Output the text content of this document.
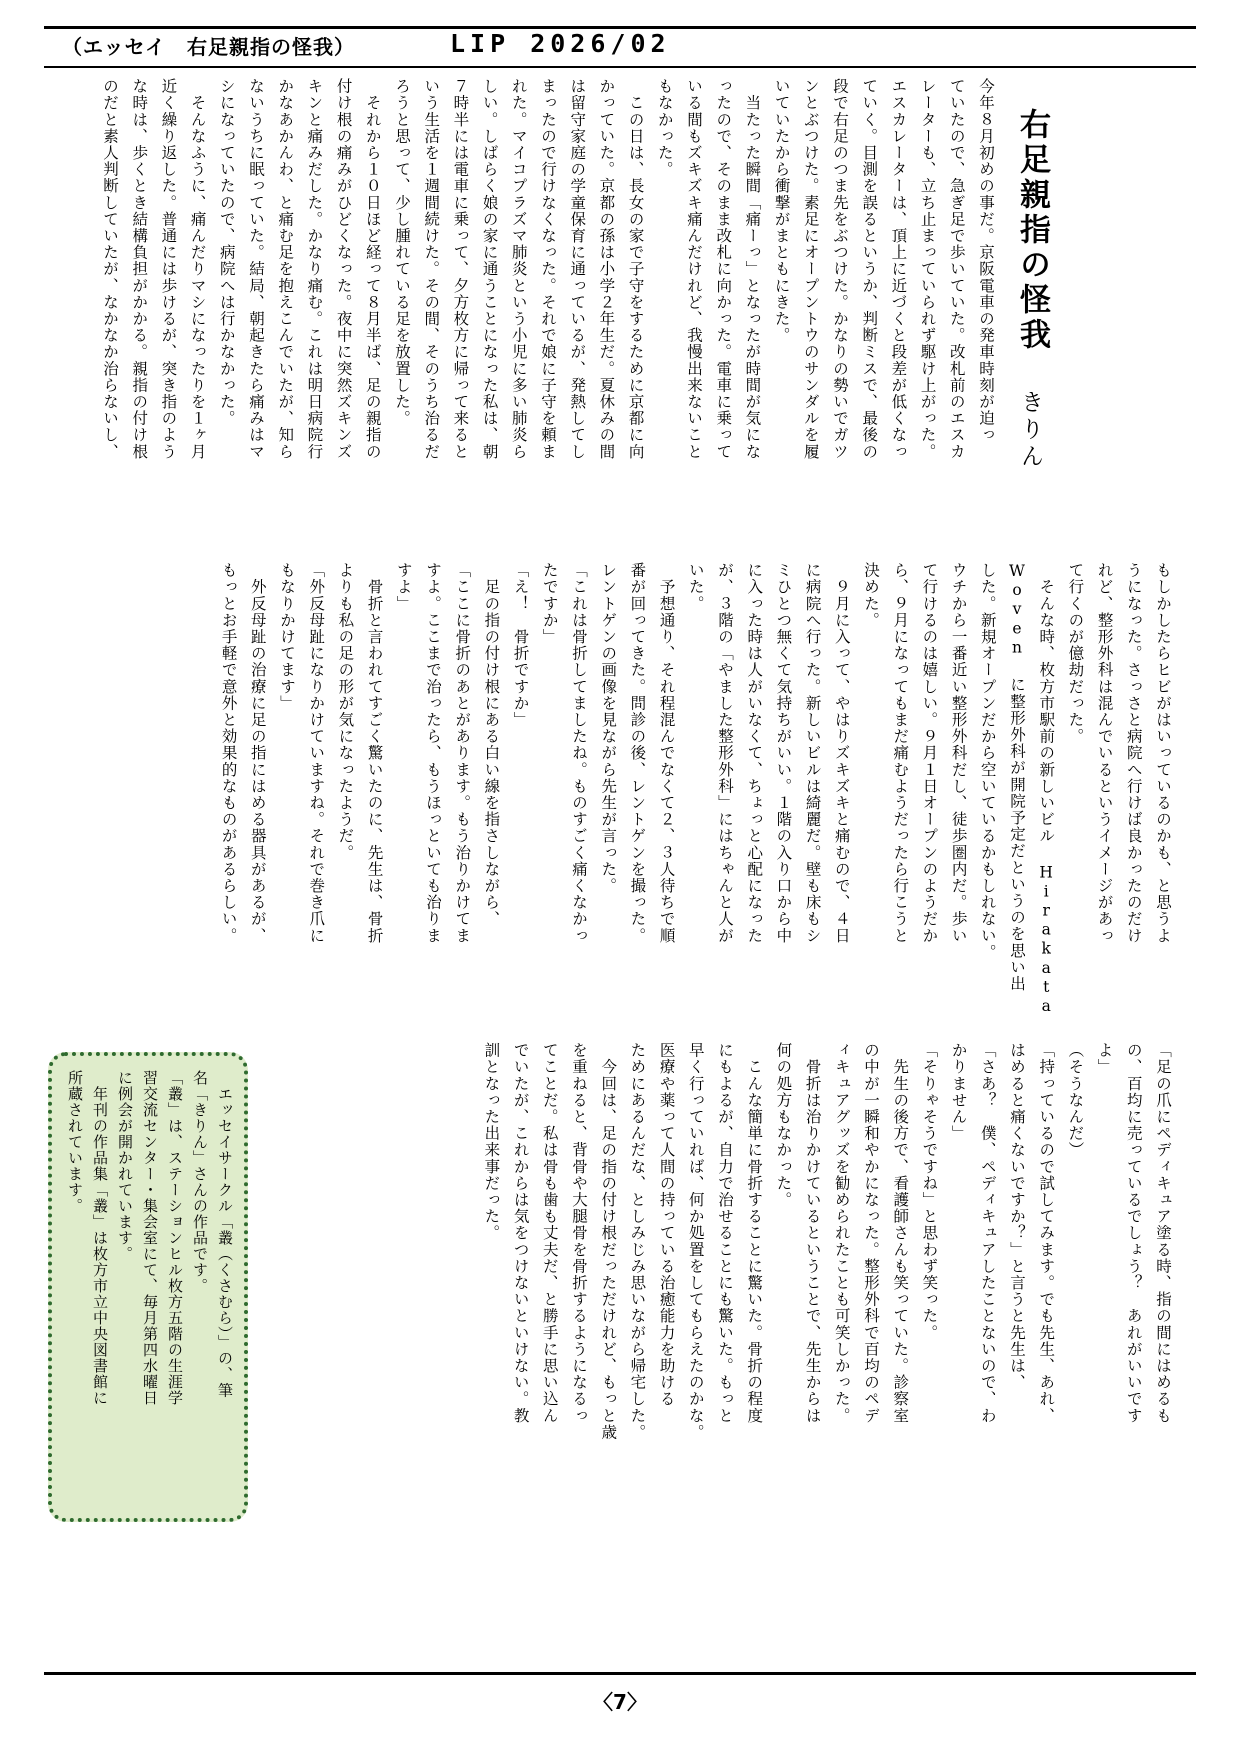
（エッセイ　右足親指の怪我）	LIP 2026/02
右足親指の怪我
きりん
今年８月初めの事だ。京阪電車の発車時刻が迫っ
ていたので、急ぎ足で歩いていた。改札前のエスカ
レーターも、立ち止まっていられず駆け上がった。
エスカレーターは、頂上に近づくと段差が低くなっ
ていく。目測を誤るというか、判断ミスで、最後の
段で右足のつま先をぶつけた。かなりの勢いでガツ
ンとぶつけた。素足にオープントウのサンダルを履
いていたから衝撃がまともにきた。
　当たった瞬間「痛ーっ」となったが時間が気にな
ったので、そのまま改札に向かった。電車に乗って
いる間もズキズキ痛んだけれど、我慢出来ないこと
もなかった。
　この日は、長女の家で子守をするために京都に向
かっていた。京都の孫は小学２年生だ。夏休みの間
は留守家庭の学童保育に通っているが、発熱してし
まったので行けなくなった。それで娘に子守を頼ま
れた。マイコプラズマ肺炎という小児に多い肺炎ら
しい。しばらく娘の家に通うことになった私は、朝
７時半には電車に乗って、夕方枚方に帰って来ると
いう生活を１週間続けた。その間、そのうち治るだ
ろうと思って、少し腫れている足を放置した。
　それから１０日ほど経って８月半ば、足の親指の
付け根の痛みがひどくなった。夜中に突然ズキンズ
キンと痛みだした。かなり痛む。これは明日病院行
かなあかんわ、と痛む足を抱えこんでいたが、知ら
ないうちに眠っていた。結局、朝起きたら痛みはマ
シになっていたので、病院へは行かなかった。
　そんなふうに、痛んだりマシになったりを１ヶ月
近く繰り返した。普通には歩けるが、突き指のよう
な時は、歩くとき結構負担がかかる。親指の付け根
のだと素人判断していたが、なかなか治らないし、
もしかしたらヒビがはいっているのかも、と思うよ
うになった。さっさと病院へ行けば良かったのだけ
れど、整形外科は混んでいるというイメージがあっ
て行くのが億劫だった。
　そんな時、枚方市駅前の新しいビル Hirakata
Woven に整形外科が開院予定だというのを思い出
した。新規オープンだから空いているかもしれない。
ウチから一番近い整形外科だし、徒歩圏内だ。歩い
て行けるのは嬉しい。９月１日オープンのようだか
ら、９月になってもまだ痛むようだったら行こうと
決めた。
　９月に入って、やはりズキズキと痛むので、４日
に病院へ行った。新しいビルは綺麗だ。壁も床もシ
ミひとつ無くて気持ちがいい。１階の入り口から中
に入った時は人がいなくて、ちょっと心配になった
が、３階の「やました整形外科」にはちゃんと人が
いた。
　予想通り、それ程混んでなくて２、３人待ちで順
番が回ってきた。問診の後、レントゲンを撮った。
レントゲンの画像を見ながら先生が言った。
「これは骨折してましたね。ものすごく痛くなかっ
たですか」
「え！　骨折ですか」
　足の指の付け根にある白い線を指さしながら、
「ここに骨折のあとがあります。もう治りかけてま
すよ。ここまで治ったら、もうほっといても治りま
すよ」
　骨折と言われてすごく驚いたのに、先生は、骨折
よりも私の足の形が気になったようだ。
「外反母趾になりかけていますね。それで巻き爪に
もなりかけてます」
　外反母趾の治療に足の指にはめる器具があるが、
もっとお手軽で意外と効果的なものがあるらしい。
「足の爪にペディキュア塗る時、指の間にはめるも
の、百均に売っているでしょう？　あれがいいです
よ」
（そうなんだ）
「持っているので試してみます。でも先生、あれ、
はめると痛くないですか？」と言うと先生は、
「さあ？　僕、ペディキュアしたことないので、わ
かりません」
「そりゃそうですね」と思わず笑った。
　先生の後方で、看護師さんも笑っていた。診察室
の中が一瞬和やかになった。整形外科で百均のペデ
ィキュアグッズを勧められたことも可笑しかった。
　骨折は治りかけているということで、先生からは
何の処方もなかった。
　こんな簡単に骨折することに驚いた。骨折の程度
にもよるが、自力で治せることにも驚いた。もっと
早く行っていれば、何か処置をしてもらえたのかな。
医療や薬って人間の持っている治癒能力を助ける
ためにあるんだな、としみじみ思いながら帰宅した。
　今回は、足の指の付け根だっただけれど、もっと歳
を重ねると、背骨や大腿骨を骨折するようになるっ
てことだ。私は骨も歯も丈夫だ、と勝手に思い込ん
でいたが、これからは気をつけないといけない。教
訓となった出来事だった。
　エッセイサークル「叢（くさむら）」の、筆
名「きりん」さんの作品です。
「叢」は、ステーションヒル枚方五階の生涯学
習交流センター・集会室にて、毎月第四水曜日
に例会が開かれています。
　年刊の作品集「叢」は枚方市立中央図書館に
所蔵されています。
〈7〉
